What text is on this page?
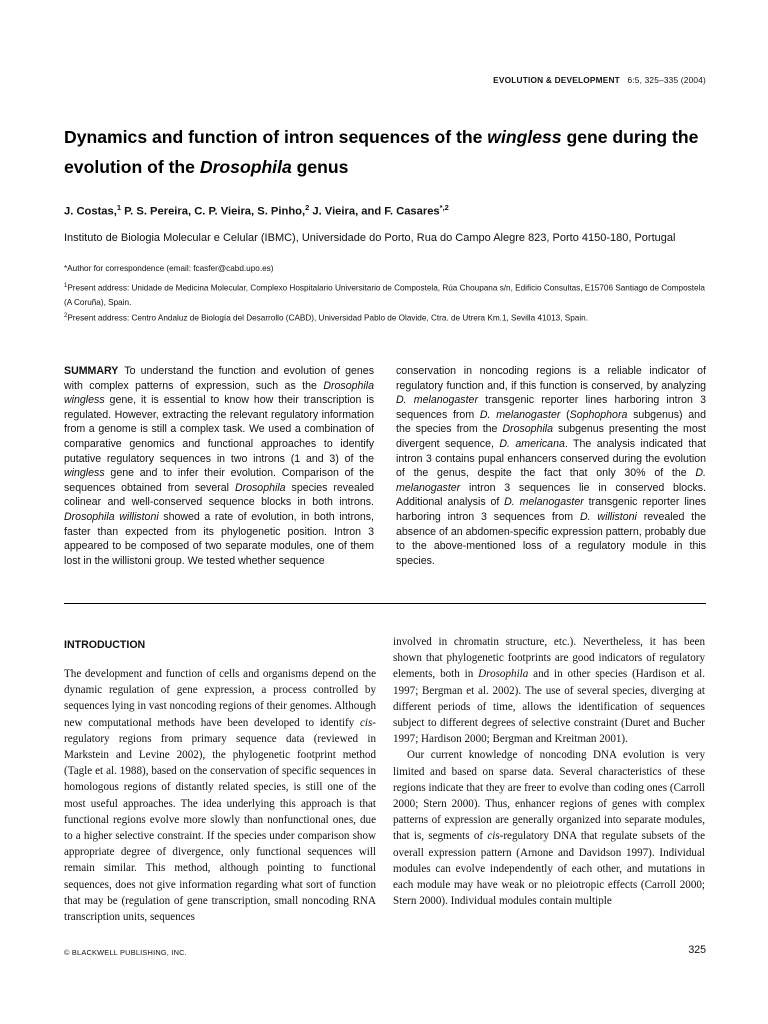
EVOLUTION & DEVELOPMENT 6:5, 325–335 (2004)
Dynamics and function of intron sequences of the wingless gene during the evolution of the Drosophila genus
J. Costas,$^1$ P. S. Pereira, C. P. Vieira, S. Pinho,$^2$ J. Vieira, and F. Casares$^{*,2}$
Instituto de Biologia Molecular e Celular (IBMC), Universidade do Porto, Rua do Campo Alegre 823, Porto 4150-180, Portugal
*Author for correspondence (email: fcasfer@cabd.upo.es)
$^1$Present address: Unidade de Medicina Molecular, Complexo Hospitalario Universitario de Compostela, Rúa Choupana s/n, Edificio Consultas, E15706 Santiago de Compostela (A Coruña), Spain.
$^2$Present address: Centro Andaluz de Biología del Desarrollo (CABD), Universidad Pablo de Olavide, Ctra. de Utrera Km.1, Sevilla 41013, Spain.
SUMMARY To understand the function and evolution of genes with complex patterns of expression, such as the Drosophila wingless gene, it is essential to know how their transcription is regulated. However, extracting the relevant regulatory information from a genome is still a complex task. We used a combination of comparative genomics and functional approaches to identify putative regulatory sequences in two introns (1 and 3) of the wingless gene and to infer their evolution. Comparison of the sequences obtained from several Drosophila species revealed colinear and well-conserved sequence blocks in both introns. Drosophila willistoni showed a rate of evolution, in both introns, faster than expected from its phylogenetic position. Intron 3 appeared to be composed of two separate modules, one of them lost in the willistoni group. We tested whether sequence
conservation in noncoding regions is a reliable indicator of regulatory function and, if this function is conserved, by analyzing D. melanogaster transgenic reporter lines harboring intron 3 sequences from D. melanogaster (Sophophora subgenus) and the species from the Drosophila subgenus presenting the most divergent sequence, D. americana. The analysis indicated that intron 3 contains pupal enhancers conserved during the evolution of the genus, despite the fact that only 30% of the D. melanogaster intron 3 sequences lie in conserved blocks. Additional analysis of D. melanogaster transgenic reporter lines harboring intron 3 sequences from D. willistoni revealed the absence of an abdomen-specific expression pattern, probably due to the above-mentioned loss of a regulatory module in this species.
INTRODUCTION

The development and function of cells and organisms depend on the dynamic regulation of gene expression, a process controlled by sequences lying in vast noncoding regions of their genomes. Although new computational methods have been developed to identify cis-regulatory regions from primary sequence data (reviewed in Markstein and Levine 2002), the phylogenetic footprint method (Tagle et al. 1988), based on the conservation of specific sequences in homologous regions of distantly related species, is still one of the most useful approaches. The idea underlying this approach is that functional regions evolve more slowly than nonfunctional ones, due to a higher selective constraint. If the species under comparison show appropriate degree of divergence, only functional sequences will remain similar. This method, although pointing to functional sequences, does not give information regarding what sort of function that may be (regulation of gene transcription, small noncoding RNA transcription units, sequences

involved in chromatin structure, etc.). Nevertheless, it has been shown that phylogenetic footprints are good indicators of regulatory elements, both in Drosophila and in other species (Hardison et al. 1997; Bergman et al. 2002). The use of several species, diverging at different periods of time, allows the identification of sequences subject to different degrees of selective constraint (Duret and Bucher 1997; Hardison 2000; Bergman and Kreitman 2001).

Our current knowledge of noncoding DNA evolution is very limited and based on sparse data. Several characteristics of these regions indicate that they are freer to evolve than coding ones (Carroll 2000; Stern 2000). Thus, enhancer regions of genes with complex patterns of expression are generally organized into separate modules, that is, segments of cis-regulatory DNA that regulate subsets of the overall expression pattern (Arnone and Davidson 1997). Individual modules can evolve independently of each other, and mutations in each module may have weak or no pleiotropic effects (Carroll 2000; Stern 2000). Individual modules contain multiple

© BLACKWELL PUBLISHING, INC.	325
